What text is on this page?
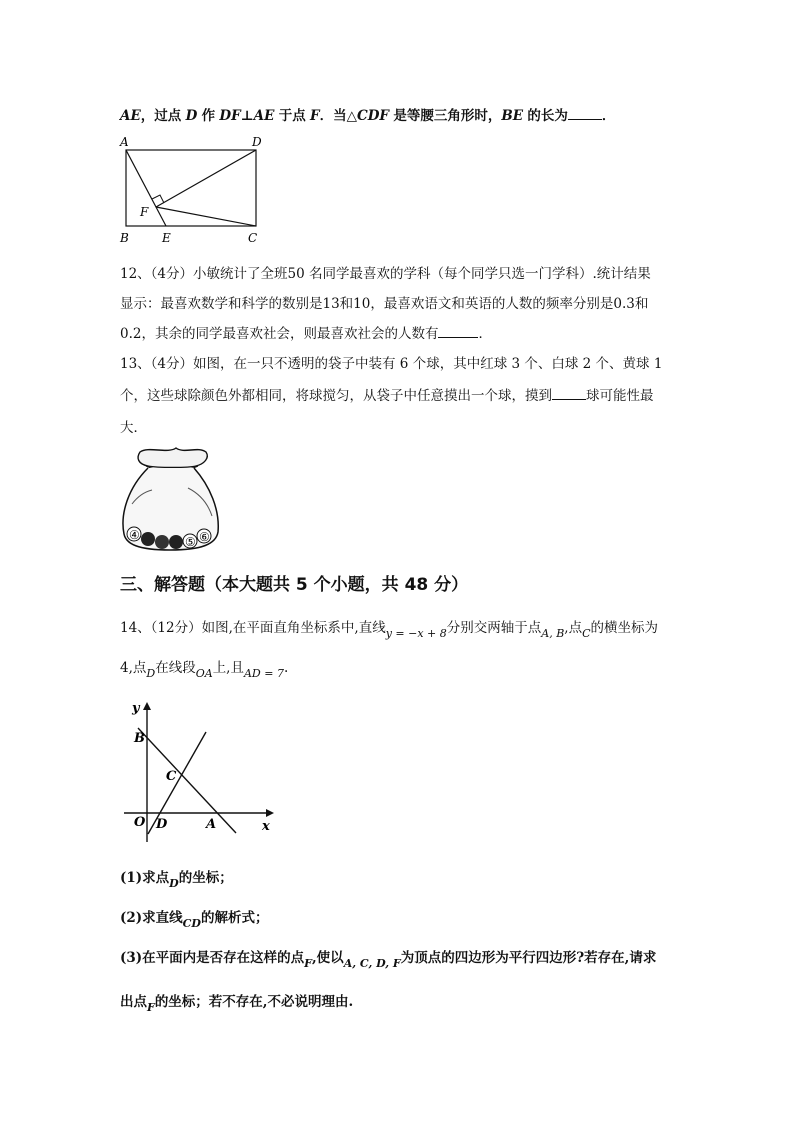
AE，过点 D 作 DF⊥AE 于点 F．当△CDF 是等腰三角形时，BE 的长为	．
A	D
F
B	E	C
12、（4分）小敏统计了全班50 名同学最喜欢的学科（每个同学只选一门学科）.统计结果
显示：最喜欢数学和科学的数别是13和10，最喜欢语文和英语的人数的频率分别是0.3和
0.2，其余的同学最喜欢社会，则最喜欢社会的人数有	．
13、（4分）如图，在一只不透明的袋子中装有 6 个球，其中红球 3 个、白球 2 个、黄球 1
个，这些球除颜色外都相同，将球搅匀，从袋子中任意摸出一个球，摸到	球可能性最
大．
④	⑤ ⑥
三、解答题（本大题共 5 个小题，共 48 分）
14、（12分）如图,在平面直角坐标系中,直线$_{y = -x + 8}$分别交两轴于点$_{A, B}$,点$_C$的横坐标为
4,点$_D$在线段$_{OA}$上,且$_{AD = 7}$.
y
B
C
O D	A	x
(1)求点$_D$的坐标；
(2)求直线$_{CD}$的解析式；
(3)在平面内是否存在这样的点$_F$,使以$_{A, C, D, F}$为顶点的四边形为平行四边形?若存在,请求
出点$_F$的坐标；若不存在,不必说明理由.
